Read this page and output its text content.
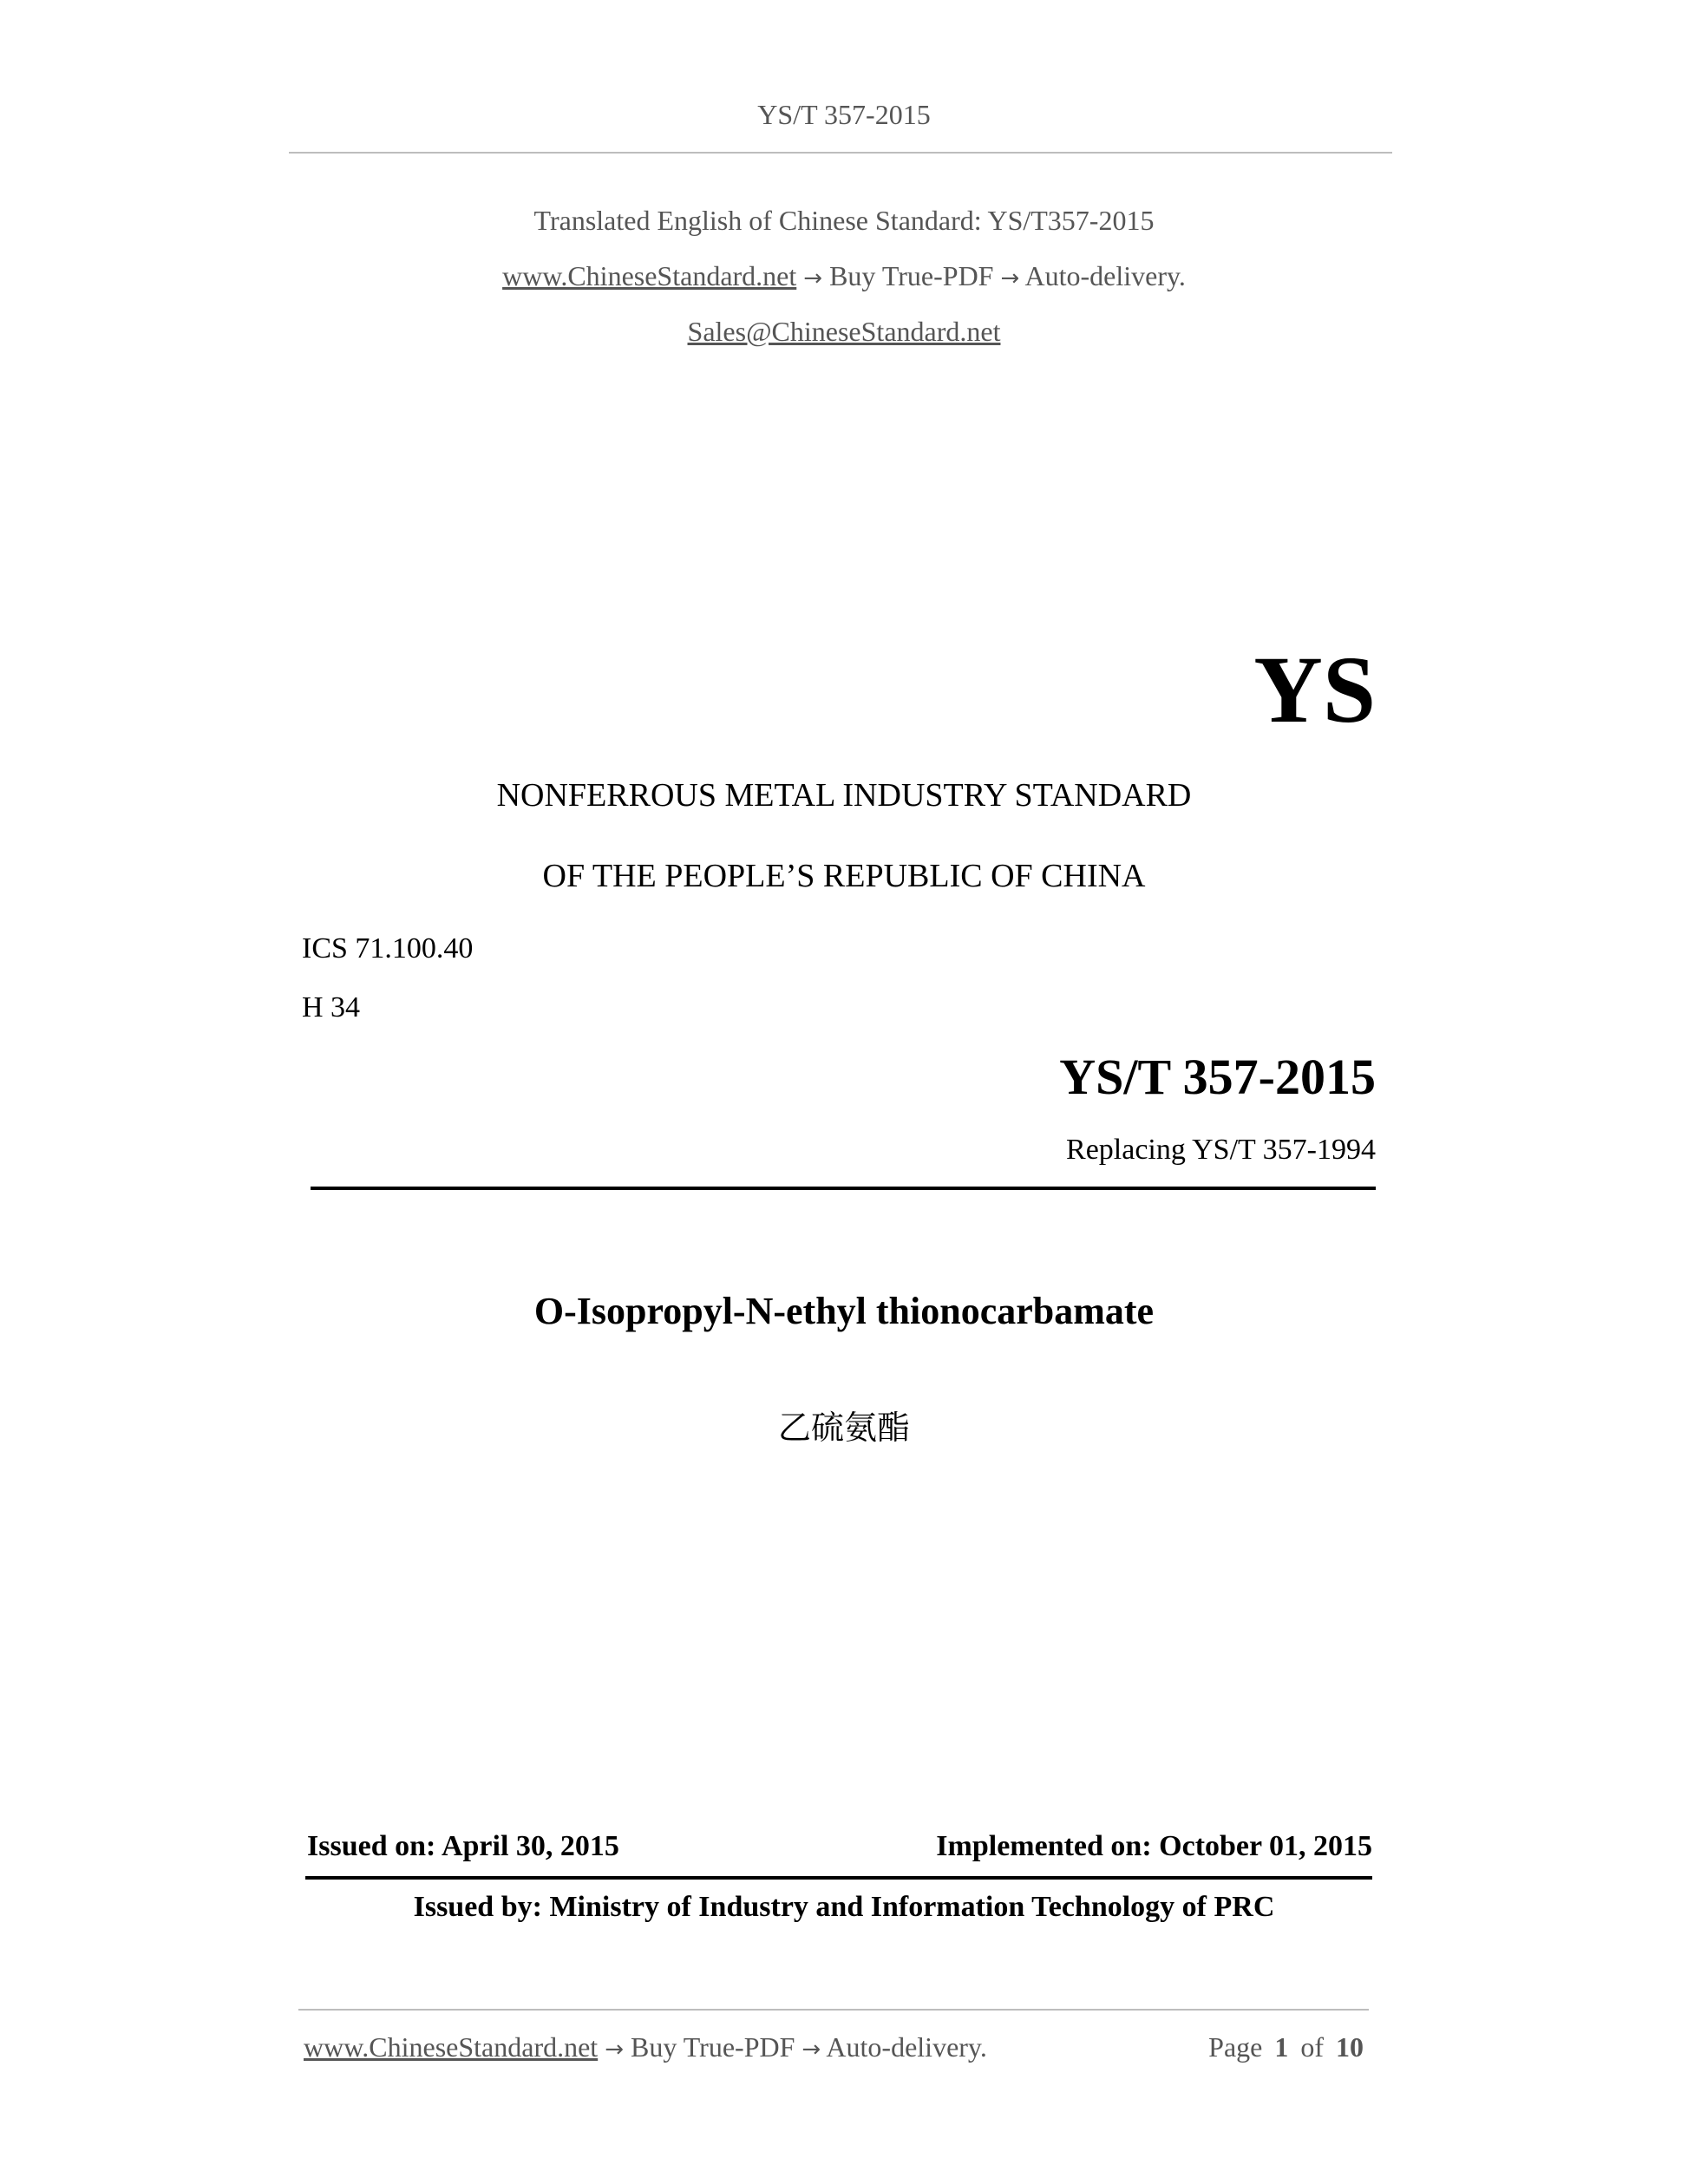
YS/T 357-2015
Translated English of Chinese Standard: YS/T357-2015
www.ChineseStandard.net → Buy True-PDF → Auto-delivery.
Sales@ChineseStandard.net
YS
NONFERROUS METAL INDUSTRY STANDARD
OF THE PEOPLE’S REPUBLIC OF CHINA
ICS 71.100.40
H 34
YS/T 357-2015
Replacing YS/T 357-1994
O-Isopropyl-N-ethyl thionocarbamate
乙硫氨酯
Issued on: April 30, 2015	Implemented on: October 01, 2015
Issued by: Ministry of Industry and Information Technology of PRC
www.ChineseStandard.net → Buy True-PDF → Auto-delivery.	Page 1 of 10
